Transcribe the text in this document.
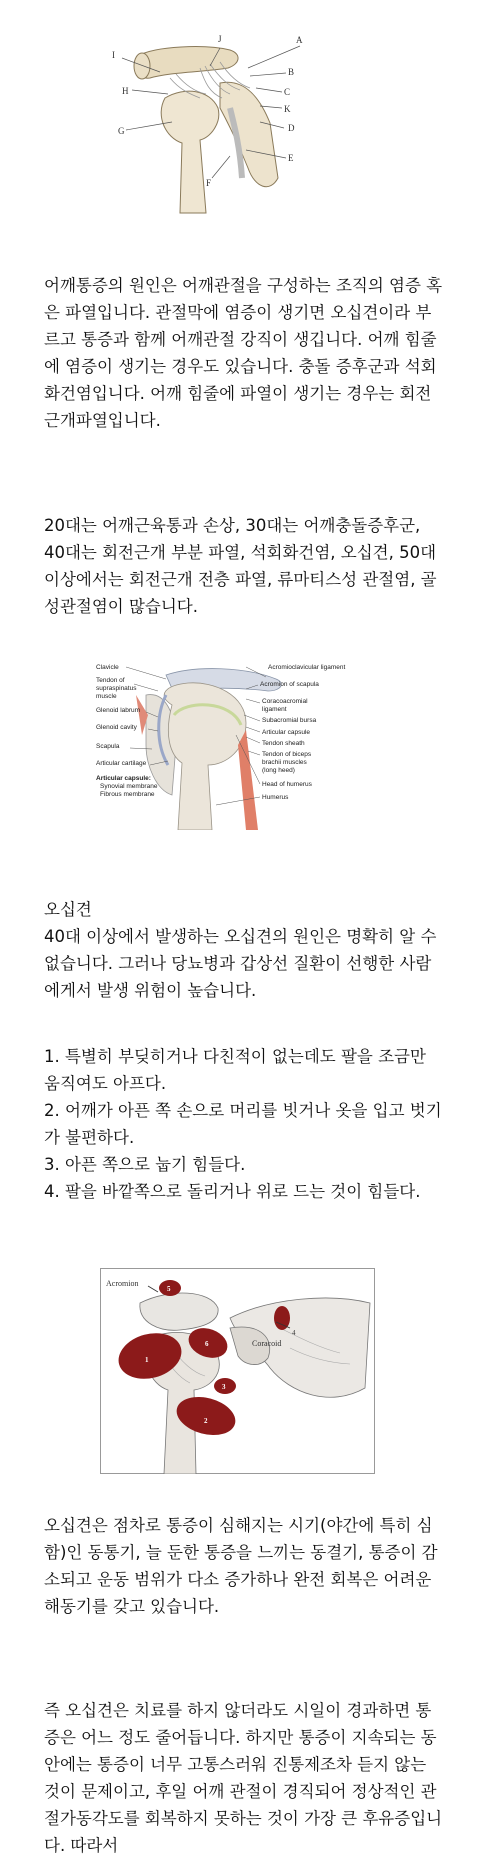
A
B
C
D
E
F
G
H
I
J
K

어깨통증의 원인은 어깨관절을 구성하는 조직의 염증 혹은 파열입니다. 관절막에 염증이 생기면 오십견이라 부르고 통증과 함께 어깨관절 강직이 생깁니다. 어깨 힘줄에 염증이 생기는 경우도 있습니다. 충돌 증후군과 석회화건염입니다. 어깨 힘줄에 파열이 생기는 경우는 회전근개파열입니다.

20대는 어깨근육통과 손상, 30대는 어깨충돌증후군, 40대는 회전근개 부분 파열, 석회화건염, 오십견, 50대 이상에서는 회전근개 전층 파열, 류마티스성 관절염, 골성관절염이 많습니다.

Clavicle
Tendon of
supraspinatus
muscle
Glenoid labrum
Glenoid cavity
Scapula
Articular cartilage
Articular capsule:
Synovial membrane
Fibrous membrane
Acromioclavicular ligament
Acromion of scapula
Coracoacromial
ligament
Subacromial bursa
Articular capsule
Tendon sheath
Tendon of biceps
brachii muscles
(long heed)
Head of humerus
Humerus

오십견

40대 이상에서 발생하는 오십견의 원인은 명확히 알 수 없습니다. 그러나 당뇨병과 갑상선 질환이 선행한 사람에게서 발생 위험이 높습니다.

1. 특별히 부딪히거나 다친적이 없는데도 팔을 조금만 움직여도 아프다.

2. 어깨가 아픈 쪽 손으로 머리를 빗거나 옷을 입고 벗기가 불편하다.

3. 아픈 쪽으로 눕기 힘들다.

4. 팔을 바깥쪽으로 돌리거나 위로 드는 것이 힘들다.

Acromion
Coracoid
1
2
3
4
5
6

오십견은 점차로 통증이 심해지는 시기(야간에 특히 심함)인 동통기, 늘 둔한 통증을 느끼는 동결기, 통증이 감소되고 운동 범위가 다소 증가하나 완전 회복은 어려운 해동기를 갖고 있습니다.

즉 오십견은 치료를 하지 않더라도 시일이 경과하면 통증은 어느 정도 줄어듭니다. 하지만 통증이 지속되는 동안에는 통증이 너무 고통스러워 진통제조차 듣지 않는 것이 문제이고, 후일 어깨 관절이 경직되어 정상적인 관절가동각도를 회복하지 못하는 것이 가장 큰 후유증입니다. 따라서
